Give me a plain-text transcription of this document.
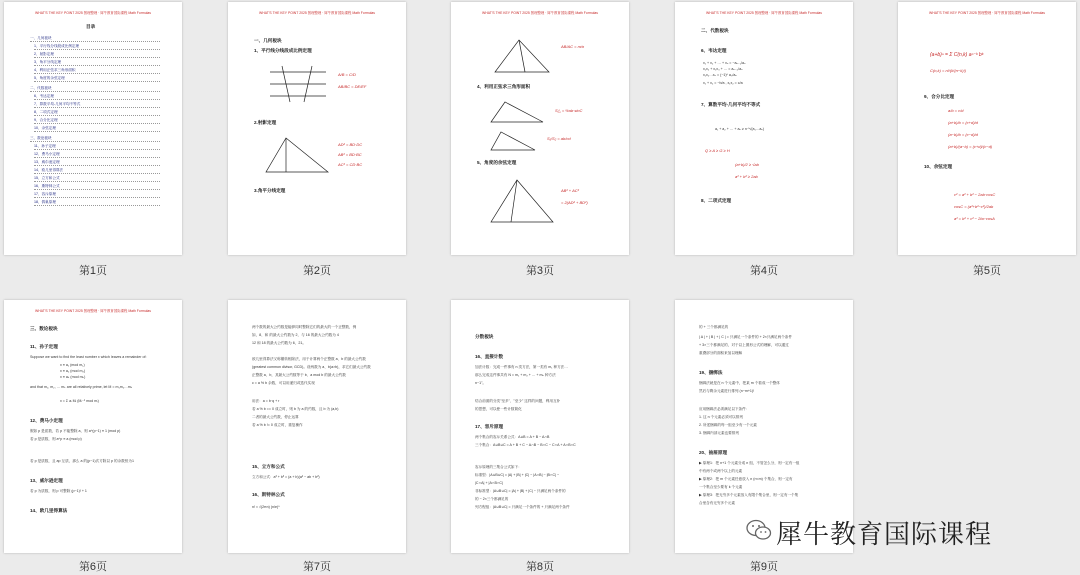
WHAT'S THE KEY POINT 2025 图理整理 · 犀牛教育国际课程 Math Formulas
目录
一、几何板块
1、平行线分线段成比例定理
2、射影定理
3、角平分线定理
4、利用正弦求三角形面积
5、角度的余弦定理
二、代数板块
6、韦达定理
7、算数平均-几何平均不等式
8、二项式定理
9、合分比定理
10、余弦定理
三、数论板块
11、孙子定理
12、费马小定理
13、威尔逊定理
14、欧几里得算法
15、立方和公式
16、斯特林公式
17、容斥原理
18、鸽巢原理
第1页
WHAT'S THE KEY POINT 2025 图理整理 · 犀牛教育国际课程 Math Formulas
一、几何板块
1、平行线分线段成比例定理
A/B = C/D
AB/BC = DE/EF
2.射影定理
AD² = BD·DC
AB² = BD·BC
AC² = CD·BC
3.角平分线定理
第2页
WHAT'S THE KEY POINT 2025 图理整理 · 犀牛教育国际课程 Math Formulas
AB/AC = m/n
4、利用正弦求三角形面积
S△ = ½ab·sinC
S₁/S₂ = ab/cd
5、角度的余弦定理
AB² + AC²
= 2(AD² + BD²)
第3页
WHAT'S THE KEY POINT 2025 图理整理 · 犀牛教育国际课程 Math Formulas
二、代数板块
6、韦达定理
x₁ + x₂ + … + xₙ = −aₙ₋₁/aₙ
x₁x₂ + x₁x₃ + … = aₙ₋₂/aₙ
x₁x₂…xₙ = (−1)ⁿ a₀/aₙ
x₁ + x₂ = −b/a , x₁x₂ = c/a
7、算数平均-几何平均不等式
a₁ + a₂ + … + aₙ ≥ n·ⁿ√(a₁…aₙ)
Q ≥ A ≥ G ≥ H
(a+b)/2 ≥ √ab
a² + b² ≥ 2ab
8、二项式定理
第4页
WHAT'S THE KEY POINT 2025 图理整理 · 犀牛教育国际课程 Math Formulas
(a+b)ⁿ = Σ C(n,k) aⁿ⁻ᵏ bᵏ
C(n,k) = n!/(k!(n−k)!)
9、合分比定理
a/b = c/d
(a+b)/b = (c+d)/d
(a−b)/b = (c−d)/d
(a+b)/(a−b) = (c+d)/(c−d)
10、余弦定理
c² = a² + b² − 2ab·cosC
cosC = (a²+b²−c²)/2ab
a² = b² + c² − 2bc·cosA
第5页
WHAT'S THE KEY POINT 2025 图理整理 · 犀牛教育国际课程 Math Formulas
三、数论板块
11、孙子定理
Suppose we want to find the least number x which leaves a remainder of:
x ≡ a₁ (mod m₁)
x ≡ a₂ (mod m₂)
x ≡ aₖ (mod mₖ)
and that m₁, m₂, … mₖ are all relatively prime, let M = m₁m₂…mₖ
x = Σ aᵢ Mᵢ (Mᵢ⁻¹ mod mᵢ)
12、费马小定理
假如 p 是质数，若 p 不能整除 a，则 a^(p−1) ≡ 1 (mod p)
若 p 是质数，则 a^p ≡ a (mod p)
若 p 是质数，且 ap 互质，那么 a 的(p−1)次方除以 p 的余数恒为1
13、威尔逊定理
若 p 为质数，则 p 可整除 (p−1)! + 1
14、欧几里得算法
第6页
两个数的最大公约数是能够同时整除它们的最大的一个正整数，例
如，8、和 的最大公约数为 2，与 16 的最大公约数为 4
12 和 18 的最大公约数为 6，21。
欧几里得算法又称辗转相除法，用于计算两个正整数 a、b 的最大公约数
(greatest common divisor, GCD)。设两数为 a、b(a>b)，求它们最大公约数
正整数 a、b，其最大公约数等于 b、a mod b 的最大公约数
c = a % b 余数，可以用递归或迭代实现
用法：a = b·q + r
若 a % b == 0 成立时，则 b 为 a 的约数，且 b 为 (a,b)
二者的最大公约数，停止运算
若 a % b != 0 成立时，重复操作
15、立方和公式
立方和公式：a³ + b³ = (a + b)(a² − ab + b²)
16、斯特林公式
n! ≈ √(2πn) (n/e)ⁿ
第7页
分数板块
16、直接计数
加法计数：完成一件事有 n 类方法，第一类有 m₁ 种方法…
那么完成这件事共有 N = m₁ + m₂ + … + mₙ 种方法
n−1"。
结合前面的分类"至多"、"至少" 这样的问题，利用互补
的思想，可以使一些计数简化
17、容斥原理
两个集合的容斥关系公式：A∪B = A + B − A∩B
三个集合：A∪B∪C = A + B + C − A∩B − B∩C − C∩A + A∩B∩C
容斥原理的三集合公式如下：
标准型：|A∪B∪C| = |A| + |B| + |C| − |A∩B| − |B∩C| −
|C∩A| + |A∩B∩C|
非标准型：|A∪B∪C| = |A| + |B| + |C| − 只满足两个条件的
的 − 2×三个都满足的
列方程组：|A∪B∪C| = 只满足一个条件的 + 只满足两个条件
第8页
的 + 三个都满足的
| A | + | B | + | C | = 只满足一个条件的 + 2×只满足两个条件
+ 3×三个都满足的，对于以上图形公式的理解，可以通过
重叠部分的面积来加以理解
19、捆绑法
捆绑法就是在 n 个元素中，把某 m 个看成一个整体
然后与剩余元素进行排列 (n−m+1)!
应用捆绑法必须满足以下条件：
1. 这 n 个元素必须可以排列
2. 所述捆绑的每一组至少有一个元素
3. 捆绑内部元素也要排列
20、抽屉原理
▶ 原理1：把 n+1 个元素分成 n 组，不管怎么分，则一定有一组
中有两个或两个以上的元素
▶ 原理2：把 m 个元素任意放入 n (n<m) 个集合，则一定有
一个集合至少要有 k 个元素
▶ 原理3：把无穷多个元素放入有限个集合里，则一定有一个集
合里含有无穷多个元素
第9页
犀牛教育国际课程
